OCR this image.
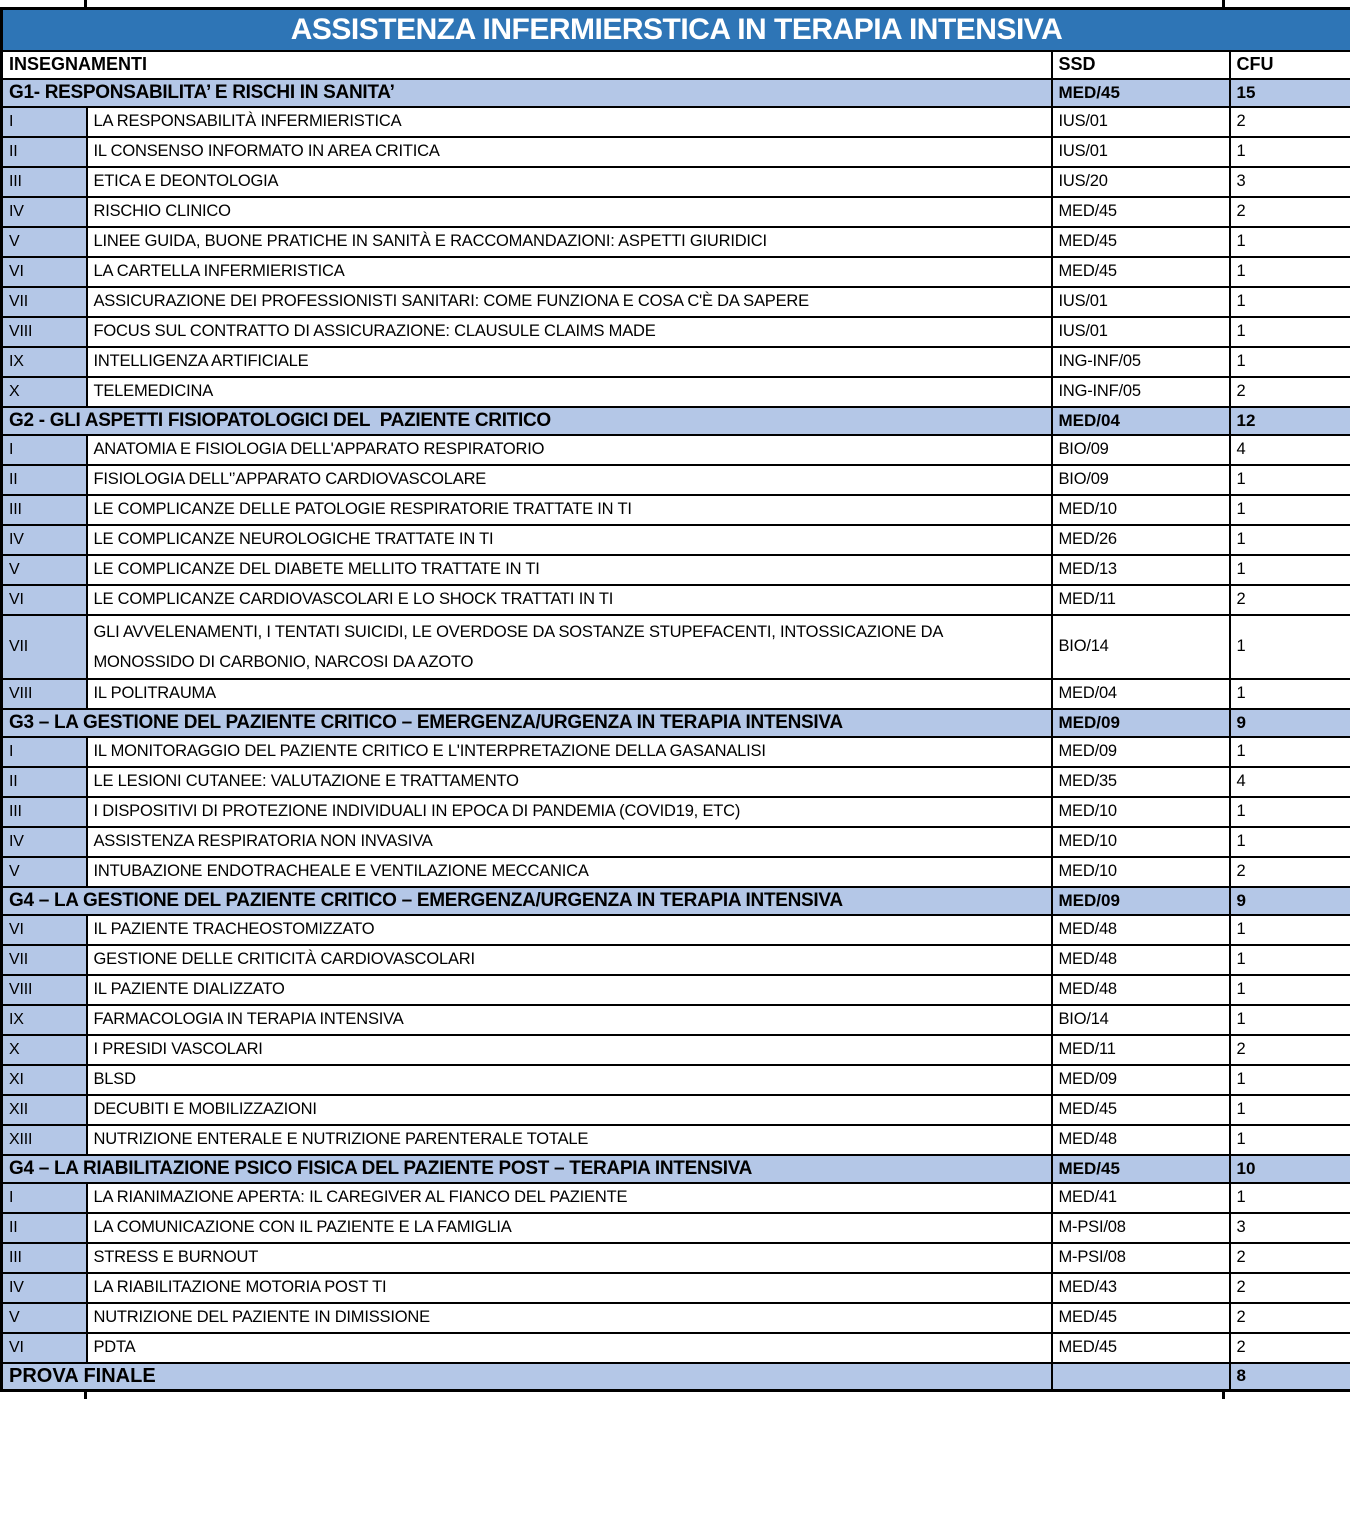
ASSISTENZA INFERMIERSTICA IN TERAPIA INTENSIVA			
INSEGNAMENTI		SSD	CFU
G1- RESPONSABILITA’ E RISCHI IN SANITA’		MED/45	15
I	LA RESPONSABILITÀ INFERMIERISTICA	IUS/01	2
II	IL CONSENSO INFORMATO IN AREA CRITICA	IUS/01	1
III	ETICA E DEONTOLOGIA	IUS/20	3
IV	RISCHIO CLINICO	MED/45	2
V	LINEE GUIDA, BUONE PRATICHE IN SANITÀ E RACCOMANDAZIONI: ASPETTI GIURIDICI	MED/45	1
VI	LA CARTELLA INFERMIERISTICA	MED/45	1
VII	ASSICURAZIONE DEI PROFESSIONISTI SANITARI: COME FUNZIONA E COSA C'È DA SAPERE	IUS/01	1
VIII	FOCUS SUL CONTRATTO DI ASSICURAZIONE: CLAUSULE CLAIMS MADE	IUS/01	1
IX	INTELLIGENZA ARTIFICIALE	ING-INF/05	1
X	TELEMEDICINA	ING-INF/05	2
G2 - GLI ASPETTI FISIOPATOLOGICI DEL  PAZIENTE CRITICO		MED/04	12
I	ANATOMIA E FISIOLOGIA DELL'APPARATO RESPIRATORIO	BIO/09	4
II	FISIOLOGIA DELL'’APPARATO CARDIOVASCOLARE	BIO/09	1
III	LE COMPLICANZE DELLE PATOLOGIE RESPIRATORIE TRATTATE IN TI	MED/10	1
IV	LE COMPLICANZE NEUROLOGICHE TRATTATE IN TI	MED/26	1
V	LE COMPLICANZE DEL DIABETE MELLITO TRATTATE IN TI	MED/13	1
VI	LE COMPLICANZE CARDIOVASCOLARI E LO SHOCK TRATTATI IN TI	MED/11	2
VII	GLI AVVELENAMENTI, I TENTATI SUICIDI, LE OVERDOSE DA SOSTANZE STUPEFACENTI, INTOSSICAZIONE DA MONOSSIDO DI CARBONIO, NARCOSI DA AZOTO	BIO/14	1
VIII	IL POLITRAUMA	MED/04	1
G3 – LA GESTIONE DEL PAZIENTE CRITICO – EMERGENZA/URGENZA IN TERAPIA INTENSIVA		MED/09	9
I	IL MONITORAGGIO DEL PAZIENTE CRITICO E L'INTERPRETAZIONE DELLA GASANALISI	MED/09	1
II	LE LESIONI CUTANEE: VALUTAZIONE E TRATTAMENTO	MED/35	4
III	I DISPOSITIVI DI PROTEZIONE INDIVIDUALI IN EPOCA DI PANDEMIA (COVID19, ETC)	MED/10	1
IV	ASSISTENZA RESPIRATORIA NON INVASIVA	MED/10	1
V	INTUBAZIONE ENDOTRACHEALE E VENTILAZIONE MECCANICA	MED/10	2
G4 – LA GESTIONE DEL PAZIENTE CRITICO – EMERGENZA/URGENZA IN TERAPIA INTENSIVA		MED/09	9
VI	IL PAZIENTE TRACHEOSTOMIZZATO	MED/48	1
VII	GESTIONE DELLE CRITICITÀ CARDIOVASCOLARI	MED/48	1
VIII	IL PAZIENTE DIALIZZATO	MED/48	1
IX	FARMACOLOGIA IN TERAPIA INTENSIVA	BIO/14	1
X	I PRESIDI VASCOLARI	MED/11	2
XI	BLSD	MED/09	1
XII	DECUBITI E MOBILIZZAZIONI	MED/45	1
XIII	NUTRIZIONE ENTERALE E NUTRIZIONE PARENTERALE TOTALE	MED/48	1
G4 – LA RIABILITAZIONE PSICO FISICA DEL PAZIENTE POST – TERAPIA INTENSIVA		MED/45	10
I	LA RIANIMAZIONE APERTA: IL CAREGIVER AL FIANCO DEL PAZIENTE	MED/41	1
II	LA COMUNICAZIONE CON IL PAZIENTE E LA FAMIGLIA	M-PSI/08	3
III	STRESS E BURNOUT	M-PSI/08	2
IV	LA RIABILITAZIONE MOTORIA POST TI	MED/43	2
V	NUTRIZIONE DEL PAZIENTE IN DIMISSIONE	MED/45	2
VI	PDTA	MED/45	2
PROVA FINALE			8
